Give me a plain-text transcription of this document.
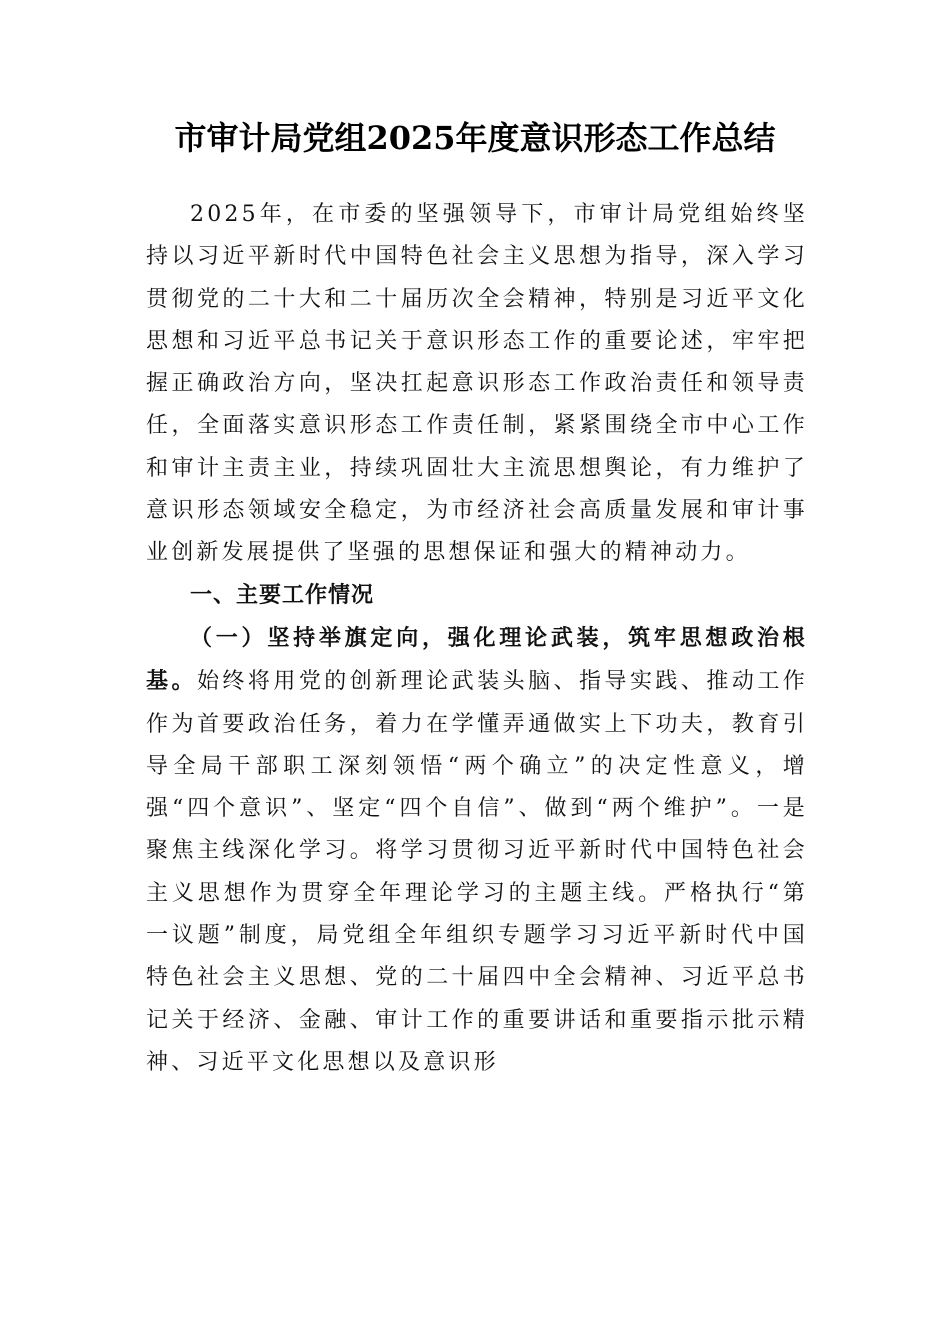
市审计局党组2025年度意识形态工作总结

2025年，在市委的坚强领导下，市审计局党组始终坚持以习近平新时代中国特色社会主义思想为指导，深入学习贯彻党的二十大和二十届历次全会精神，特别是习近平文化思想和习近平总书记关于意识形态工作的重要论述，牢牢把握正确政治方向，坚决扛起意识形态工作政治责任和领导责任，全面落实意识形态工作责任制，紧紧围绕全市中心工作和审计主责主业，持续巩固壮大主流思想舆论，有力维护了意识形态领域安全稳定，为市经济社会高质量发展和审计事业创新发展提供了坚强的思想保证和强大的精神动力。

一、主要工作情况

（一）坚持举旗定向，强化理论武装，筑牢思想政治根基。始终将用党的创新理论武装头脑、指导实践、推动工作作为首要政治任务，着力在学懂弄通做实上下功夫，教育引导全局干部职工深刻领悟“两个确立”的决定性意义，增强“四个意识”、坚定“四个自信”、做到“两个维护”。一是聚焦主线深化学习。将学习贯彻习近平新时代中国特色社会主义思想作为贯穿全年理论学习的主题主线。严格执行“第一议题”制度，局党组全年组织专题学习习近平新时代中国特色社会主义思想、党的二十届四中全会精神、习近平总书记关于经济、金融、审计工作的重要讲话和重要指示批示精神、习近平文化思想以及意识形
